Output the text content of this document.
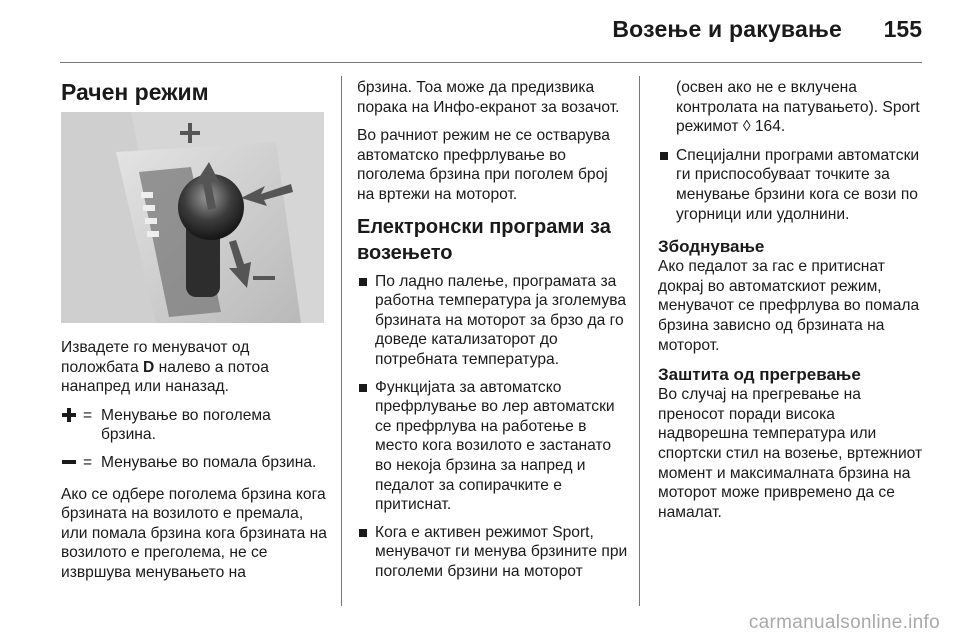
Возење и ракување 155
Рачен режим

Извадете го менувачот од положбата D налево а потоа нанапред или наназад.

= Менување во поголема брзина.
= Менување во помала брзина.

Ако се одбере поголема брзина кога брзината на возилото е премала, или помала брзина кога брзината на возилото е преголема, не се извршува менувањето на

брзина. Тоа може да предизвика порака на Инфо-екранот за возачот.

Во рачниот режим не се остварува автоматско префрлување во поголема брзина при поголем број на вртежи на моторот.

Електронски програми за возењето
По ладно палење, програмата за работна температура ја зголемува брзината на моторот за брзо да го доведе катализаторот до потребната температура.
Функцијата за автоматско префрлување во лер автоматски се префрлува на работење в место кога возилото е застанато во некоја брзина за напред и педалот за сопирачките е притиснат.
Кога е активен режимот Sport, менувачот ги менува брзините при поголеми брзини на моторот

(освен ако не е вклучена контролата на патувањето). Sport режимот ◊ 164.

Специјални програми автоматски ги приспособуваат точките за менување брзини кога се вози по угорници или удолнини.
Збоднување

Ако педалот за гас е притиснат докрај во автоматскиот режим, менувачот се префрлува во помала брзина зависно од брзината на моторот.

Заштита од прегревање

Во случај на прегревање на преносот поради висока надворешна температура или спортски стил на возење, вртежниот момент и максималната брзина на моторот може привремено да се намалат.

carmanualsonline.info
